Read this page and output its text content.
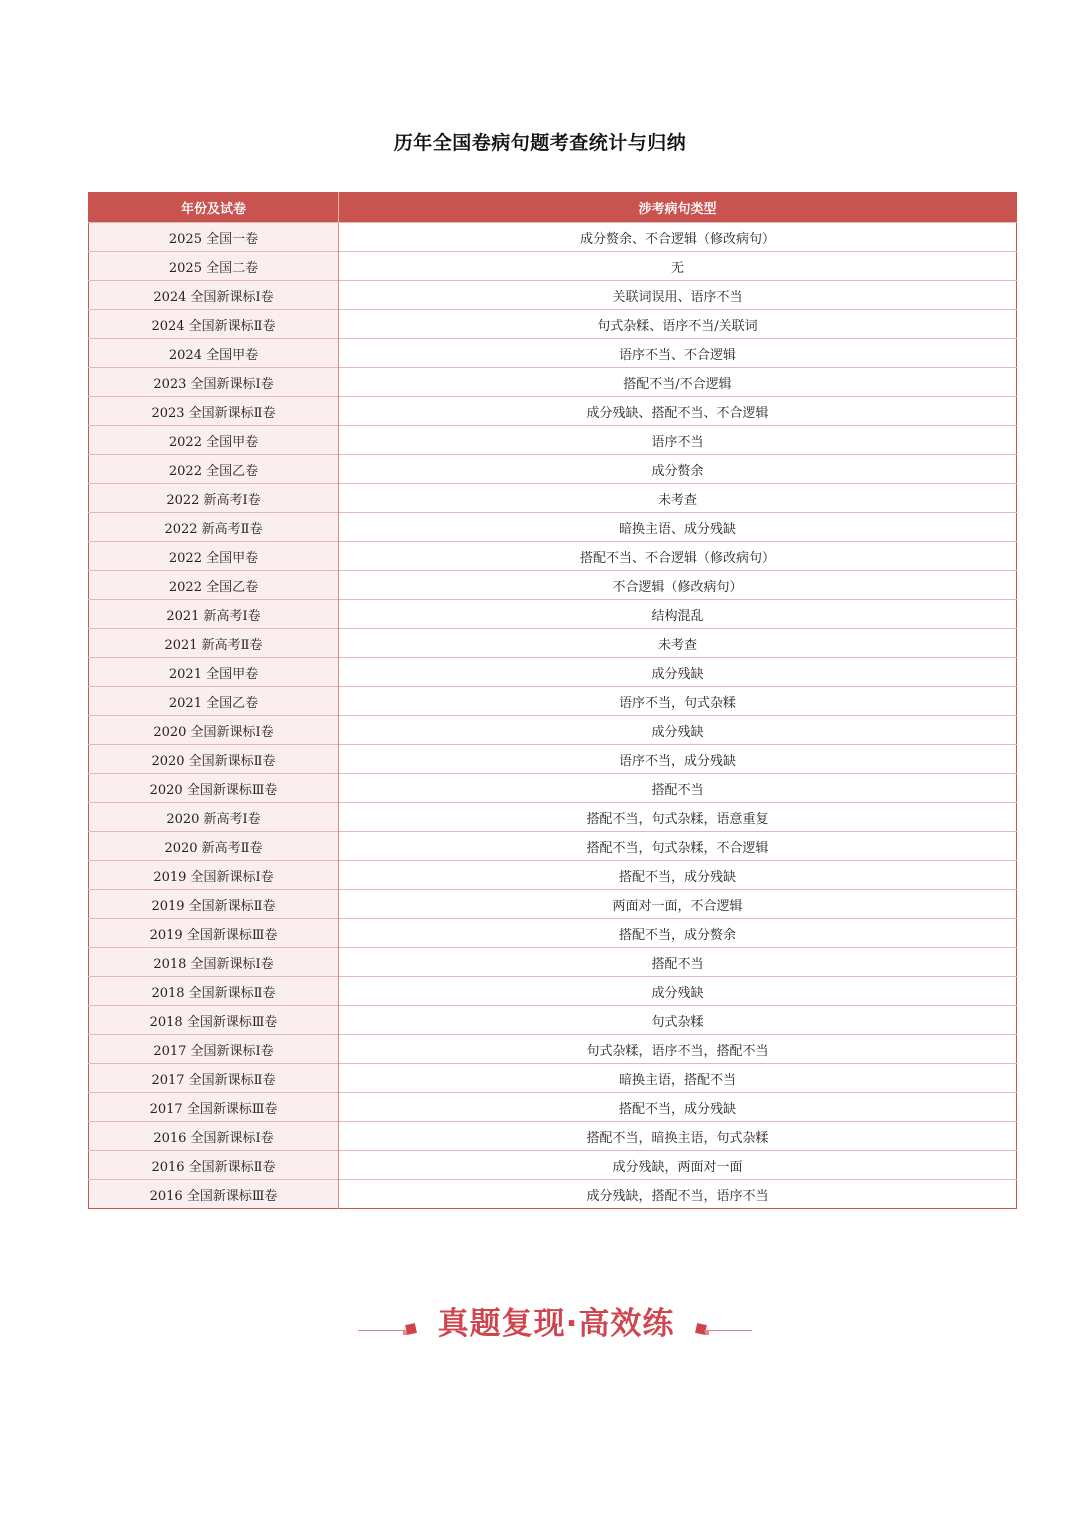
历年全国卷病句题考查统计与归纳
年份及试卷	涉考病句类型
2025 全国一卷	成分赘余、不合逻辑（修改病句）
2025 全国二卷	无
2024 全国新课标Ⅰ卷	关联词误用、语序不当
2024 全国新课标Ⅱ卷	句式杂糅、语序不当/关联词
2024 全国甲卷	语序不当、不合逻辑
2023 全国新课标Ⅰ卷	搭配不当/不合逻辑
2023 全国新课标Ⅱ卷	成分残缺、搭配不当、不合逻辑
2022 全国甲卷	语序不当
2022 全国乙卷	成分赘余
2022 新高考Ⅰ卷	未考查
2022 新高考Ⅱ卷	暗换主语、成分残缺
2022 全国甲卷	搭配不当、不合逻辑（修改病句）
2022 全国乙卷	不合逻辑（修改病句）
2021 新高考Ⅰ卷	结构混乱
2021 新高考Ⅱ卷	未考查
2021 全国甲卷	成分残缺
2021 全国乙卷	语序不当，句式杂糅
2020 全国新课标Ⅰ卷	成分残缺
2020 全国新课标Ⅱ卷	语序不当，成分残缺
2020 全国新课标Ⅲ卷	搭配不当
2020 新高考Ⅰ卷	搭配不当，句式杂糅，语意重复
2020 新高考Ⅱ卷	搭配不当，句式杂糅，不合逻辑
2019 全国新课标Ⅰ卷	搭配不当，成分残缺
2019 全国新课标Ⅱ卷	两面对一面，不合逻辑
2019 全国新课标Ⅲ卷	搭配不当，成分赘余
2018 全国新课标Ⅰ卷	搭配不当
2018 全国新课标Ⅱ卷	成分残缺
2018 全国新课标Ⅲ卷	句式杂糅
2017 全国新课标Ⅰ卷	句式杂糅，语序不当，搭配不当
2017 全国新课标Ⅱ卷	暗换主语，搭配不当
2017 全国新课标Ⅲ卷	搭配不当，成分残缺
2016 全国新课标Ⅰ卷	搭配不当，暗换主语，句式杂糅
2016 全国新课标Ⅱ卷	成分残缺，两面对一面
2016 全国新课标Ⅲ卷	成分残缺，搭配不当，语序不当
真题复现·高效练
